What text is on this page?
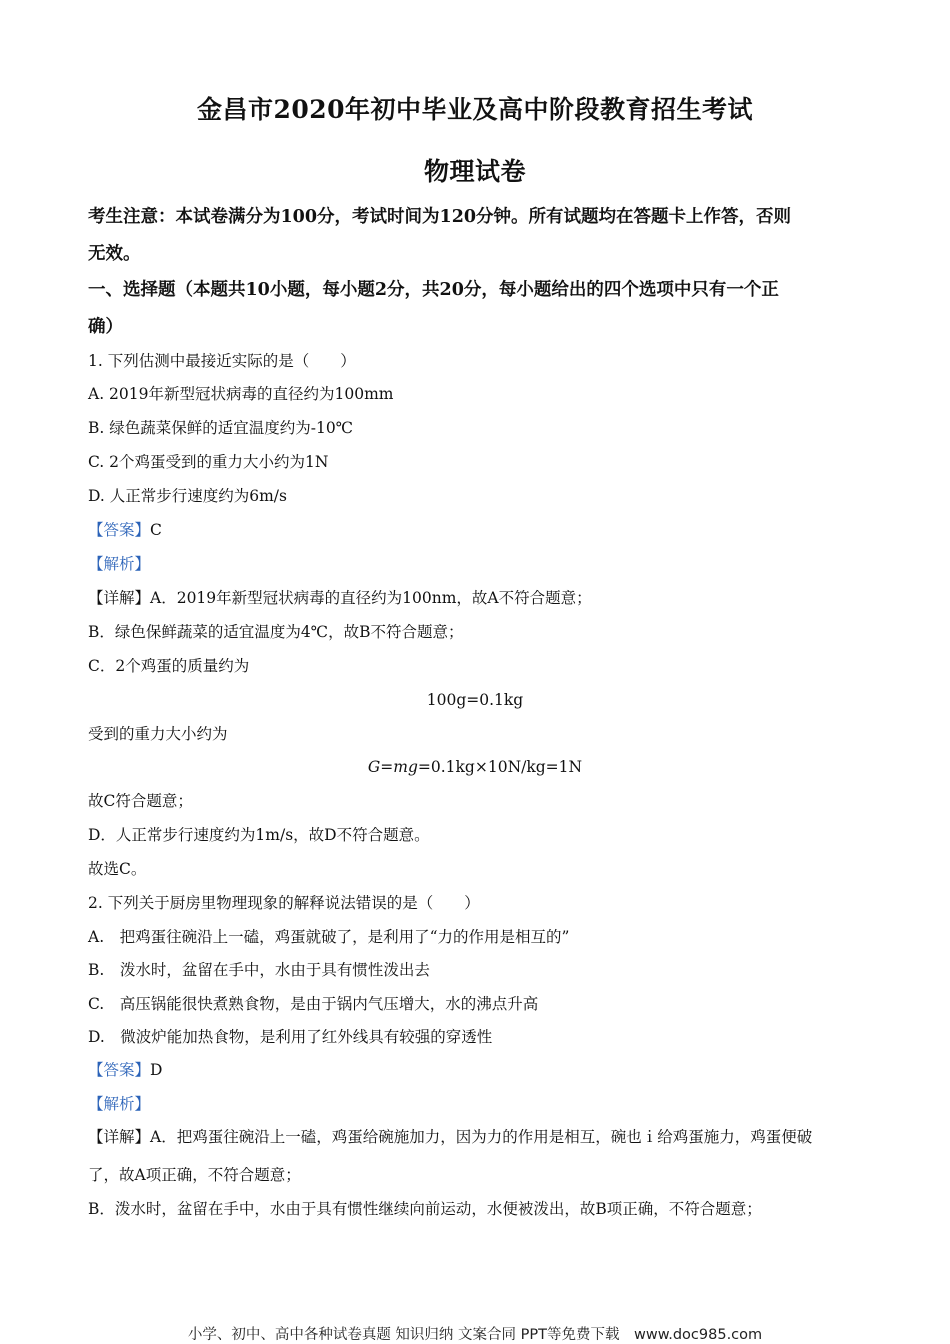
金昌市2020年初中毕业及高中阶段教育招生考试
物理试卷
考生注意：本试卷满分为100分，考试时间为120分钟。所有试题均在答题卡上作答，否则
无效。
一、选择题（本题共10小题，每小题2分，共20分，每小题给出的四个选项中只有一个正
确）
1. 下列估测中最接近实际的是（　　）
A. 2019年新型冠状病毒的直径约为100mm
B. 绿色蔬菜保鲜的适宜温度约为-10℃
C. 2个鸡蛋受到的重力大小约为1N
D. 人正常步行速度约为6m/s
【答案】C
【解析】
【详解】A．2019年新型冠状病毒的直径约为100nm，故A不符合题意；
B．绿色保鲜蔬菜的适宜温度为4℃，故B不符合题意；
C．2个鸡蛋的质量约为
100g=0.1kg
受到的重力大小约为
G=mg=0.1kg×10N/kg=1N
故C符合题意；
D．人正常步行速度约为1m/s，故D不符合题意。
故选C。
2. 下列关于厨房里物理现象的解释说法错误的是（　　）
A.　把鸡蛋往碗沿上一磕，鸡蛋就破了，是利用了“力的作用是相互的”
B.　泼水时，盆留在手中，水由于具有惯性泼出去
C.　高压锅能很快煮熟食物，是由于锅内气压增大，水的沸点升高
D.　微波炉能加热食物，是利用了红外线具有较强的穿透性
【答案】D
【解析】
【详解】A．把鸡蛋往碗沿上一磕，鸡蛋给碗施加力，因为力的作用是相互，碗也ｉ给鸡蛋施力，鸡蛋便破
了，故A项正确，不符合题意；
B．泼水时，盆留在手中，水由于具有惯性继续向前运动，水便被泼出，故B项正确，不符合题意；
小学、初中、高中各种试卷真题 知识归纳 文案合同 PPT等免费下载　www.doc985.com
